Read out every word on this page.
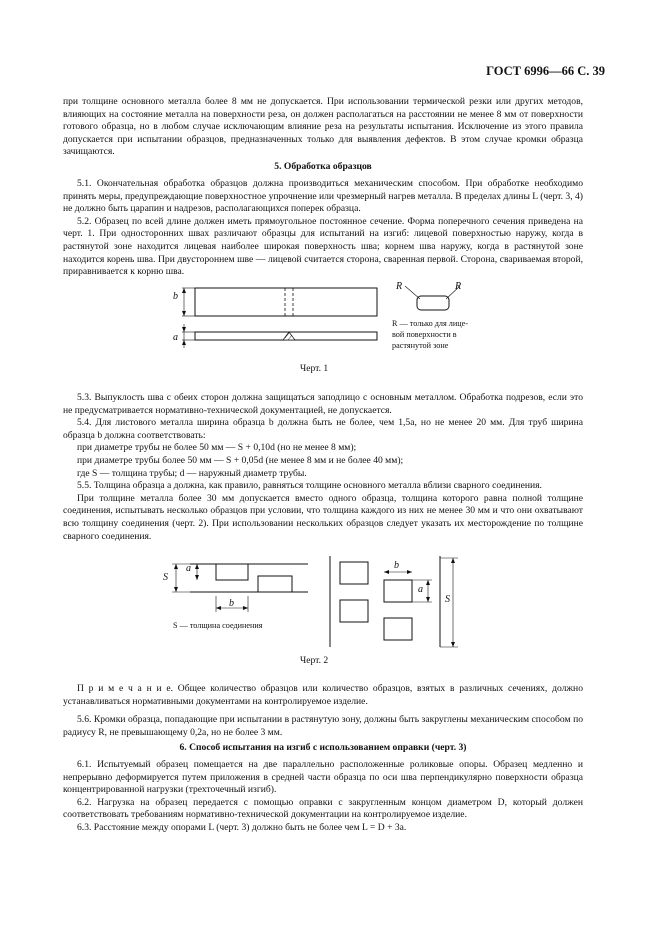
ГОСТ 6996—66 С. 39

при толщине основного металла более 8 мм не допускается. При использовании термической резки или других методов, влияющих на состояние металла на поверхности реза, он должен располагаться на расстоянии не менее 8 мм от поверхности готового образца, но в любом случае исключающим влияние реза на результаты испытания. Исключение из этого правила допускается при испытании образцов, предназначенных только для выявления дефектов. В этом случае кромки образца зачищаются.

5. Обработка образцов

5.1. Окончательная обработка образцов должна производиться механическим способом. При обработке необходимо принять меры, предупреждающие поверхностное упрочнение или чрезмерный нагрев металла. В пределах длины L (черт. 3, 4) не должно быть царапин и надрезов, располагающихся поперек образца.

5.2. Образец по всей длине должен иметь прямоугольное постоянное сечение. Форма поперечного сечения приведена на черт. 1. При односторонних швах различают образцы для испытаний на изгиб: лицевой поверхностью наружу, когда в растянутой зоне находится лицевая наиболее широкая поверхность шва; корнем шва наружу, когда в растянутой зоне находится корень шва. При двустороннем шве — лицевой считается сторона, сваренная первой. Сторона, свариваемая второй, приравнивается к корню шва.

b
a
R	R
R — только для лице-
вой поверхности в
растянутой зоне
Черт. 1

5.3. Выпуклость шва с обеих сторон должна защищаться заподлицо с основным металлом. Обработка подрезов, если это не предусматривается нормативно-технической документацией, не допускается.

5.4. Для листового металла ширина образца b должна быть не более, чем 1,5a, но не менее 20 мм. Для труб ширина образца b должна соответствовать:

при диаметре трубы не более 50 мм — S + 0,10d (но не менее 8 мм);

при диаметре трубы более 50 мм — S + 0,05d (не менее 8 мм и не более 40 мм);

где S — толщина трубы; d — наружный диаметр трубы.

5.5. Толщина образца a должна, как правило, равняться толщине основного металла вблизи сварного соединения.

При толщине металла более 30 мм допускается вместо одного образца, толщина которого равна полной толщине соединения, испытывать несколько образцов при условии, что толщина каждого из них не менее 30 мм и что они охватывают всю толщину соединения (черт. 2). При использовании нескольких образцов следует указать их месторождение по толщине сварного соединения.

S
a
b
b
a
S
S — толщина соединения
Черт. 2

П р и м е ч а н и е. Общее количество образцов или количество образцов, взятых в различных сечениях, должно устанавливаться нормативными документами на контролируемое изделие.

5.6. Кромки образца, попадающие при испытании в растянутую зону, должны быть закруглены механическим способом по радиусу R, не превышающему 0,2a, но не более 3 мм.

6. Способ испытания на изгиб с использованием оправки (черт. 3)

6.1. Испытуемый образец помещается на две параллельно расположенные роликовые опоры. Образец медленно и непрерывно деформируется путем приложения в средней части образца по оси шва перпендикулярно поверхности образца концентрированной нагрузки (трехточечный изгиб).

6.2. Нагрузка на образец передается с помощью оправки с закругленным концом диаметром D, который должен соответствовать требованиям нормативно-технической документации на контролируемое изделие.

6.3. Расстояние между опорами L (черт. 3) должно быть не более чем L = D + 3a.
